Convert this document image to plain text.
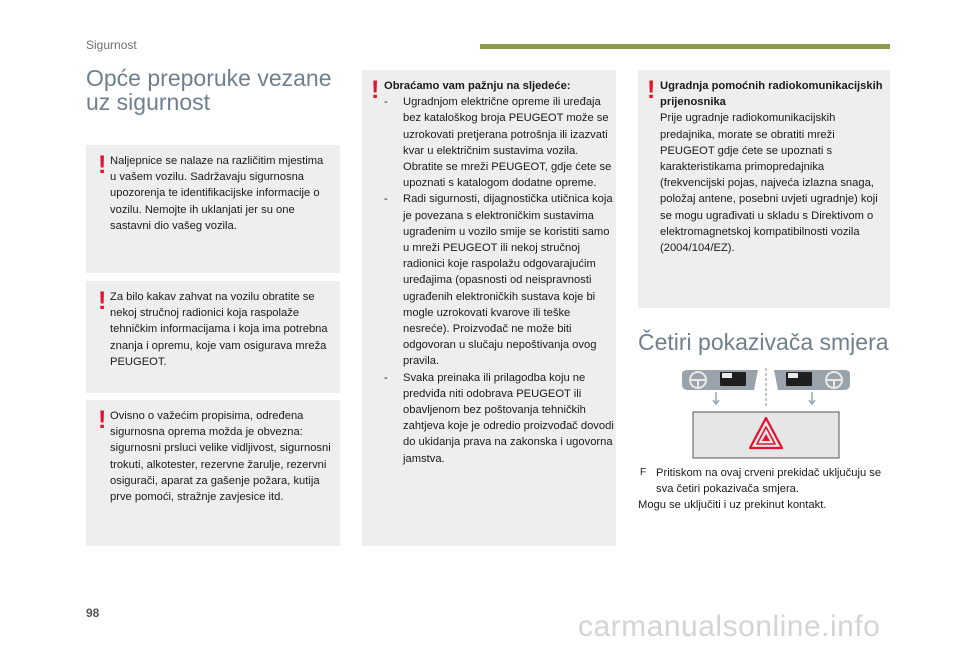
Sigurnost
Opće preporuke vezane
uz sigurnost
! Naljepnice se nalaze na različitim mjestima u vašem vozilu. Sadržavaju sigurnosna upozorenja te identifikacijske informacije o vozilu. Nemojte ih uklanjati jer su one sastavni dio vašeg vozila.
! Za bilo kakav zahvat na vozilu obratite se nekoj stručnoj radionici koja raspolaže tehničkim informacijama i koja ima potrebna znanja i opremu, koje vam osigurava mreža PEUGEOT.
! Ovisno o važećim propisima, određena sigurnosna oprema možda je obvezna: sigurnosni prsluci velike vidljivost, sigurnosni trokuti, alkotester, rezervne žarulje, rezervni osigurači, aparat za gašenje požara, kutija prve pomoći, stražnje zavjesice itd.
! Obraćamo vam pažnju na sljedeće:

- Ugradnjom električne opreme ili uređaja bez kataloškog broja PEUGEOT može se uzrokovati pretjerana potrošnja ili izazvati kvar u električnim sustavima vozila. Obratite se mreži PEUGEOT, gdje ćete se upoznati s katalogom dodatne opreme.
- Radi sigurnosti, dijagnostička utičnica koja je povezana s elektroničkim sustavima ugrađenim u vozilo smije se koristiti samo u mreži PEUGEOT ili nekoj stručnoj radionici koje raspolažu odgovarajućim uređajima (opasnosti od neispravnosti ugrađenih elektroničkih sustava koje bi mogle uzrokovati kvarove ili teške nesreće). Proizvođač ne može biti odgovoran u slučaju nepoštivanja ovog pravila.
- Svaka preinaka ili prilagodba koju ne predviđa niti odobrava PEUGEOT ili obavljenom bez poštovanja tehničkih zahtjeva koje je odredio proizvođač dovodi do ukidanja prava na zakonska i ugovorna jamstva.
! Ugradnja pomoćnih radiokomunikacijskih prijenosnika

Prije ugradnje radiokomunikacijskih predajnika, morate se obratiti mreži PEUGEOT gdje ćete se upoznati s karakteristikama primopredajnika (frekvencijski pojas, najveća izlazna snaga, položaj antene, posebni uvjeti ugradnje) koji se mogu ugrađivati u skladu s Direktivom o elektromagnetskoj kompatibilnosti vozila (2004/104/EZ).

Četiri pokazivača smjera
F Pritiskom na ovaj crveni prekidač uključuju se sva četiri pokazivača smjera.

Mogu se uključiti i uz prekinut kontakt.

98	carmanualsonline.info
